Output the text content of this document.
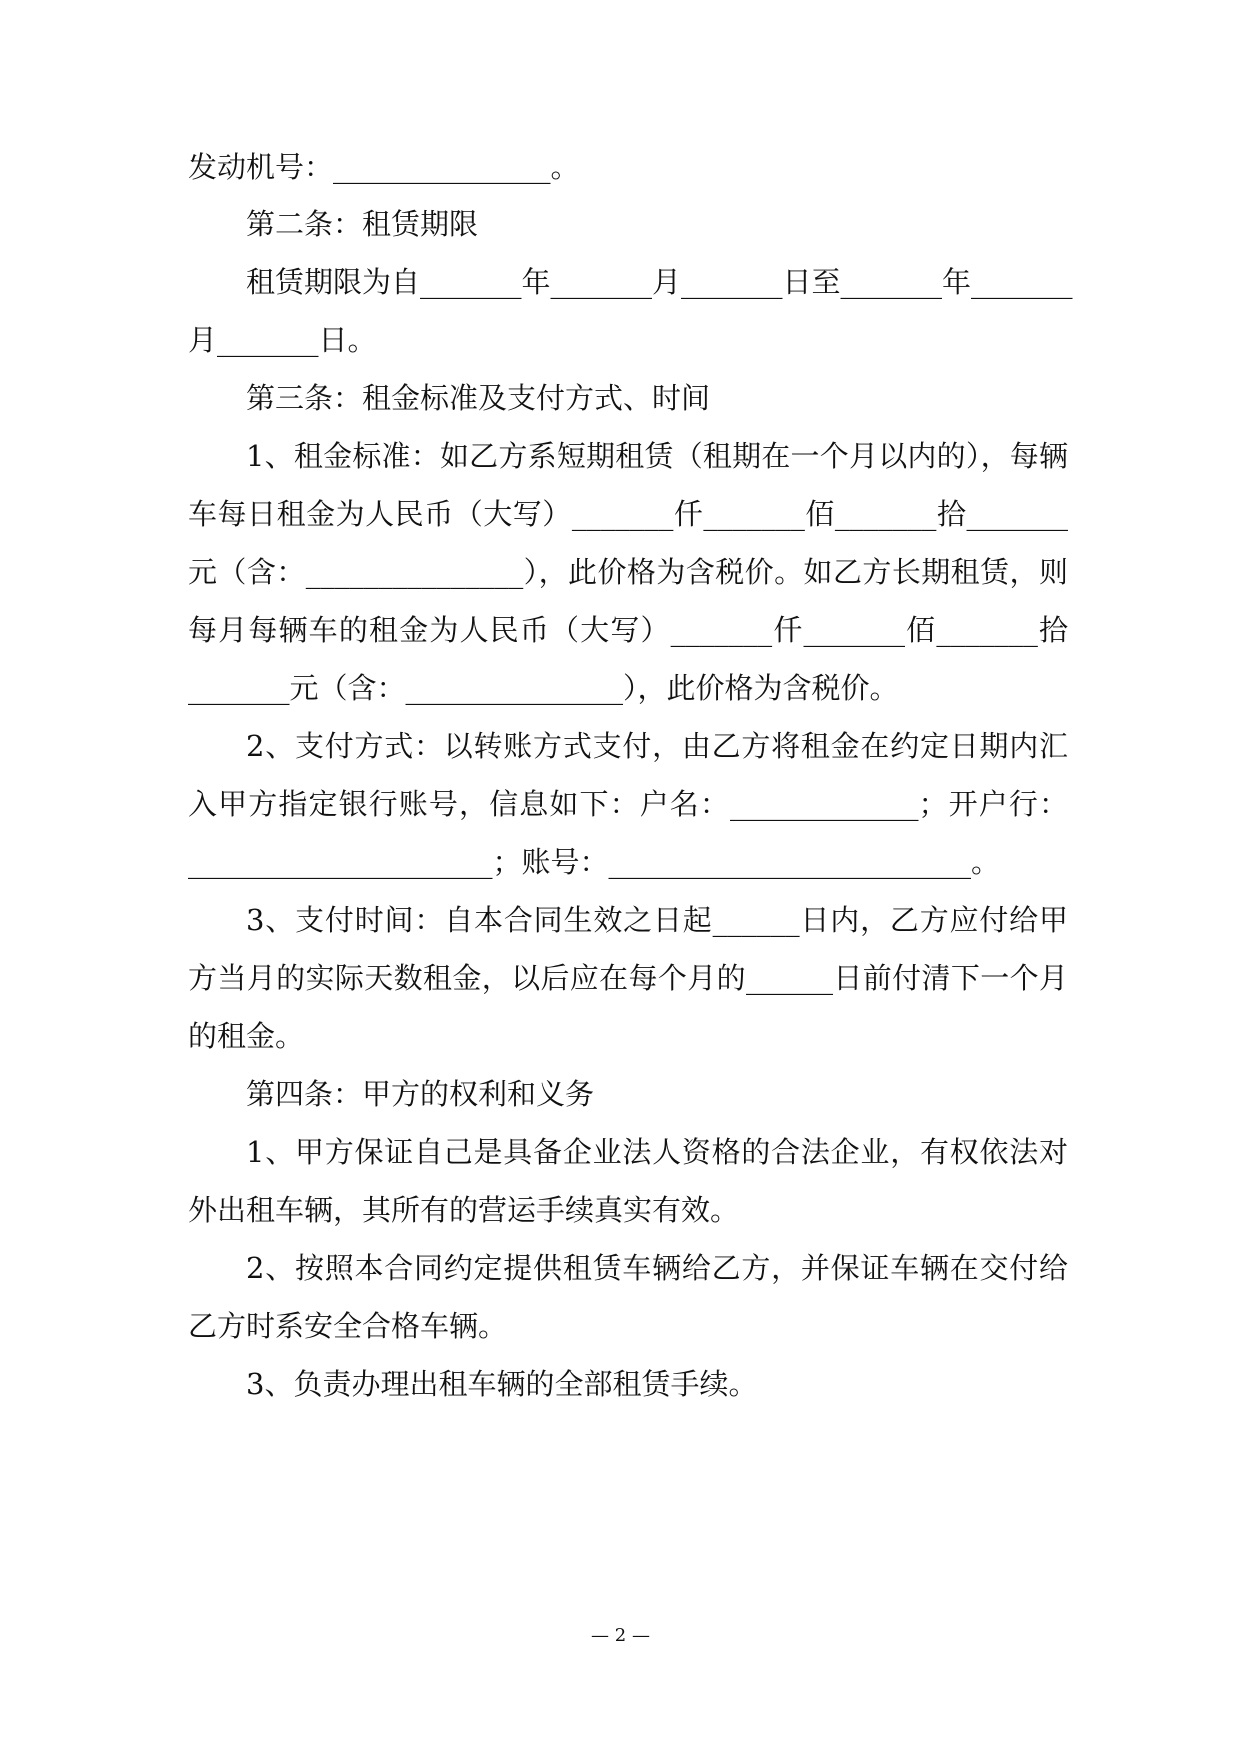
发动机号：_______________。
第二条：租赁期限
租赁期限为自_______年_______月_______日至_______年_______
月_______日。
第三条：租金标准及支付方式、时间
1、租金标准：如乙方系短期租赁（租期在一个月以内的），每辆
车每日租金为人民币（大写）_______仟_______佰_______拾_______
元（含：_______________），此价格为含税价。如乙方长期租赁，则
每月每辆车的租金为人民币（大写）_______仟_______佰_______拾
_______元（含：_______________），此价格为含税价。
2、支付方式：以转账方式支付，由乙方将租金在约定日期内汇
入甲方指定银行账号，信息如下：户名：_____________；开户行：
_____________________；账号：_________________________。
3、支付时间：自本合同生效之日起______日内，乙方应付给甲
方当月的实际天数租金，以后应在每个月的______日前付清下一个月
的租金。
第四条：甲方的权利和义务
1、甲方保证自己是具备企业法人资格的合法企业，有权依法对
外出租车辆，其所有的营运手续真实有效。
2、按照本合同约定提供租赁车辆给乙方，并保证车辆在交付给
乙方时系安全合格车辆。
3、负责办理出租车辆的全部租赁手续。
— 2 —
